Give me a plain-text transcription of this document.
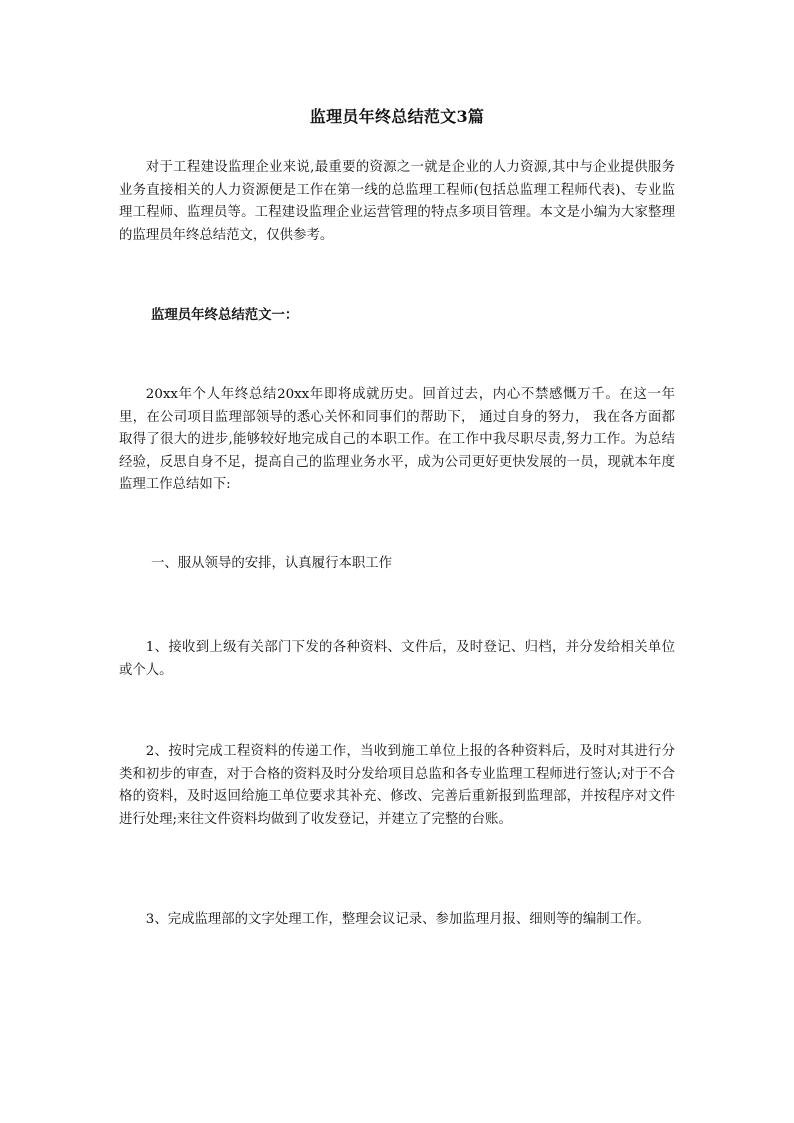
监理员年终总结范文3篇

对于工程建设监理企业来说,最重要的资源之一就是企业的人力资源,其中与企业提供服务业务直接相关的人力资源便是工作在第一线的总监理工程师(包括总监理工程师代表)、专业监理工程师、监理员等。工程建设监理企业运营管理的特点多项目管理。本文是小编为大家整理的监理员年终总结范文，仅供参考。

监理员年终总结范文一：

20xx年个人年终总结20xx年即将成就历史。回首过去，内心不禁感慨万千。在这一年里，在公司项目监理部领导的悉心关怀和同事们的帮助下， 通过自身的努力， 我在各方面都取得了很大的进步,能够较好地完成自己的本职工作。在工作中我尽职尽责,努力工作。为总结经验，反思自身不足，提高自己的监理业务水平，成为公司更好更快发展的一员，现就本年度监理工作总结如下:

一、服从领导的安排，认真履行本职工作

1、接收到上级有关部门下发的各种资料、文件后，及时登记、归档，并分发给相关单位或个人。

2、按时完成工程资料的传递工作，当收到施工单位上报的各种资料后，及时对其进行分类和初步的审查，对于合格的资料及时分发给项目总监和各专业监理工程师进行签认;对于不合格的资料，及时返回给施工单位要求其补充、修改、完善后重新报到监理部，并按程序对文件进行处理;来往文件资料均做到了收发登记，并建立了完整的台账。

3、完成监理部的文字处理工作，整理会议记录、参加监理月报、细则等的编制工作。
